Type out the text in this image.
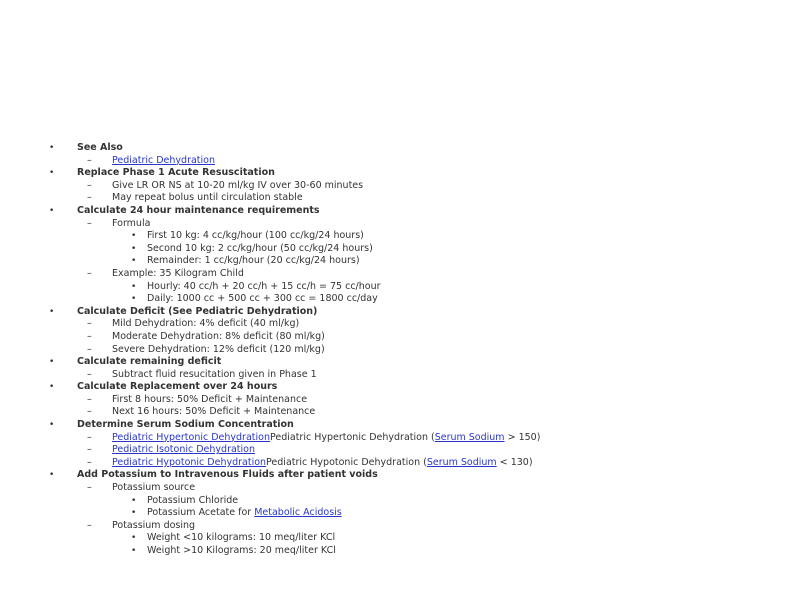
• See Also
– Pediatric Dehydration
• Replace Phase 1 Acute Resuscitation
– Give LR OR NS at 10-20 ml/kg IV over 30-60 minutes
– May repeat bolus until circulation stable
• Calculate 24 hour maintenance requirements
– Formula
• First 10 kg: 4 cc/kg/hour (100 cc/kg/24 hours)
• Second 10 kg: 2 cc/kg/hour (50 cc/kg/24 hours)
• Remainder: 1 cc/kg/hour (20 cc/kg/24 hours)
– Example: 35 Kilogram Child
• Hourly: 40 cc/h + 20 cc/h + 15 cc/h = 75 cc/hour
• Daily: 1000 cc + 500 cc + 300 cc = 1800 cc/day
• Calculate Deficit (See Pediatric Dehydration)
– Mild Dehydration: 4% deficit (40 ml/kg)
– Moderate Dehydration: 8% deficit (80 ml/kg)
– Severe Dehydration: 12% deficit (120 ml/kg)
• Calculate remaining deficit
– Subtract fluid resucitation given in Phase 1
• Calculate Replacement over 24 hours
– First 8 hours: 50% Deficit + Maintenance
– Next 16 hours: 50% Deficit + Maintenance
• Determine Serum Sodium Concentration
– Pediatric Hypertonic DehydrationPediatric Hypertonic Dehydration (Serum Sodium > 150)
– Pediatric Isotonic Dehydration
– Pediatric Hypotonic DehydrationPediatric Hypotonic Dehydration (Serum Sodium < 130)
• Add Potassium to Intravenous Fluids after patient voids
– Potassium source
• Potassium Chloride
• Potassium Acetate for Metabolic Acidosis
– Potassium dosing
• Weight <10 kilograms: 10 meq/liter KCl
• Weight >10 Kilograms: 20 meq/liter KCl
